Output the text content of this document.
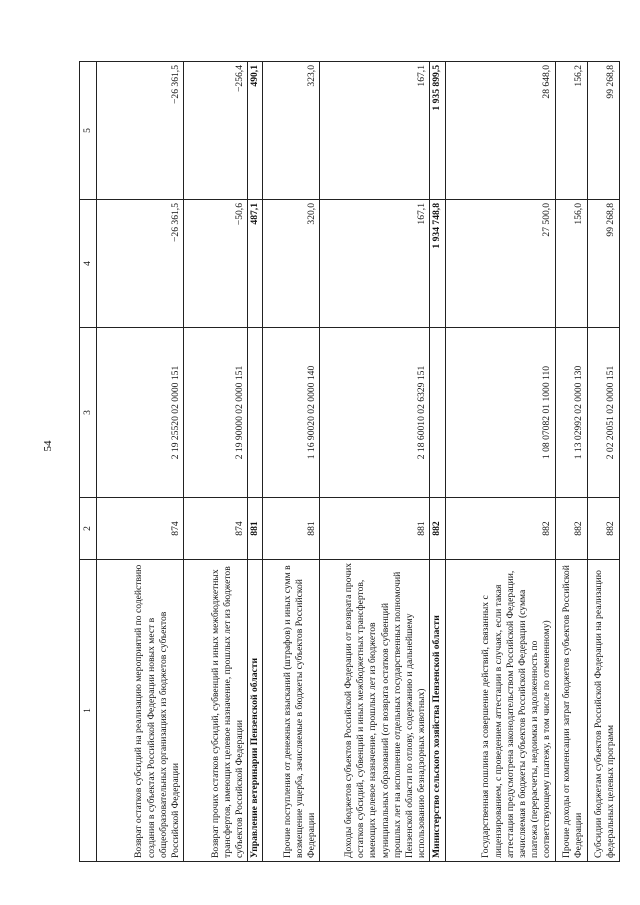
54
1	2	3	4	5
Возврат остатков субсидий на реализацию мероприятий по содействию создания в субъектах Российской Федерации новых мест в общеобразовательных организациях из бюджетов субъектов Российской Федерации	874	2 19 25520 02 0000 151	−26 361,5	−26 361,5
Возврат прочих остатков субсидий, субвенций и иных межбюджетных трансфертов, имеющих целевое назначение, прошлых лет из бюджетов субъектов Российской Федерации	874	2 19 90000 02 0000 151	−50,6	−256,4
Управление ветеринарии Пензенской области	881		487,1	490,1
Прочие поступления от денежных взысканий (штрафов) и иных сумм в возмещение ущерба, зачисляемые в бюджеты субъектов Российской Федерации	881	1 16 90020 02 0000 140	320,0	323,0
Доходы бюджетов субъектов Российской Федерации от возврата прочих остатков субсидий, субвенций и иных межбюджетных трансфертов, имеющих целевое назначение, прошлых лет из бюджетов муниципальных образований (от возврата остатков субвенций прошлых лет на исполнение отдельных государственных полномочий Пензенской области по отлову, содержанию и дальнейшему использованию безнадзорных животных)	881	2 18 60010 02 6329 151	167,1	167,1
Министерство сельского хозяйства Пензенской области	882		1 934 748,8	1 935 899,5
Государственная пошлина за совершение действий, связанных с лицензированием, с проведением аттестации в случаях, если такая аттестация предусмотрена законодательством Российской Федерации, зачисляемая в бюджеты субъектов Российской Федерации (сумма платежа (перерасчеты, недоимка и задолженность по соответствующему платежу, в том числе по отмененному)	882	1 08 07082 01 1000 110	27 500,0	28 648,0
Прочие доходы от компенсации затрат бюджетов субъектов Российской Федерации	882	1 13 02992 02 0000 130	156,0	156,2
Субсидии бюджетам субъектов Российской Федерации на реализацию федеральных целевых программ	882	2 02 20051 02 0000 151	99 268,8	99 268,8
